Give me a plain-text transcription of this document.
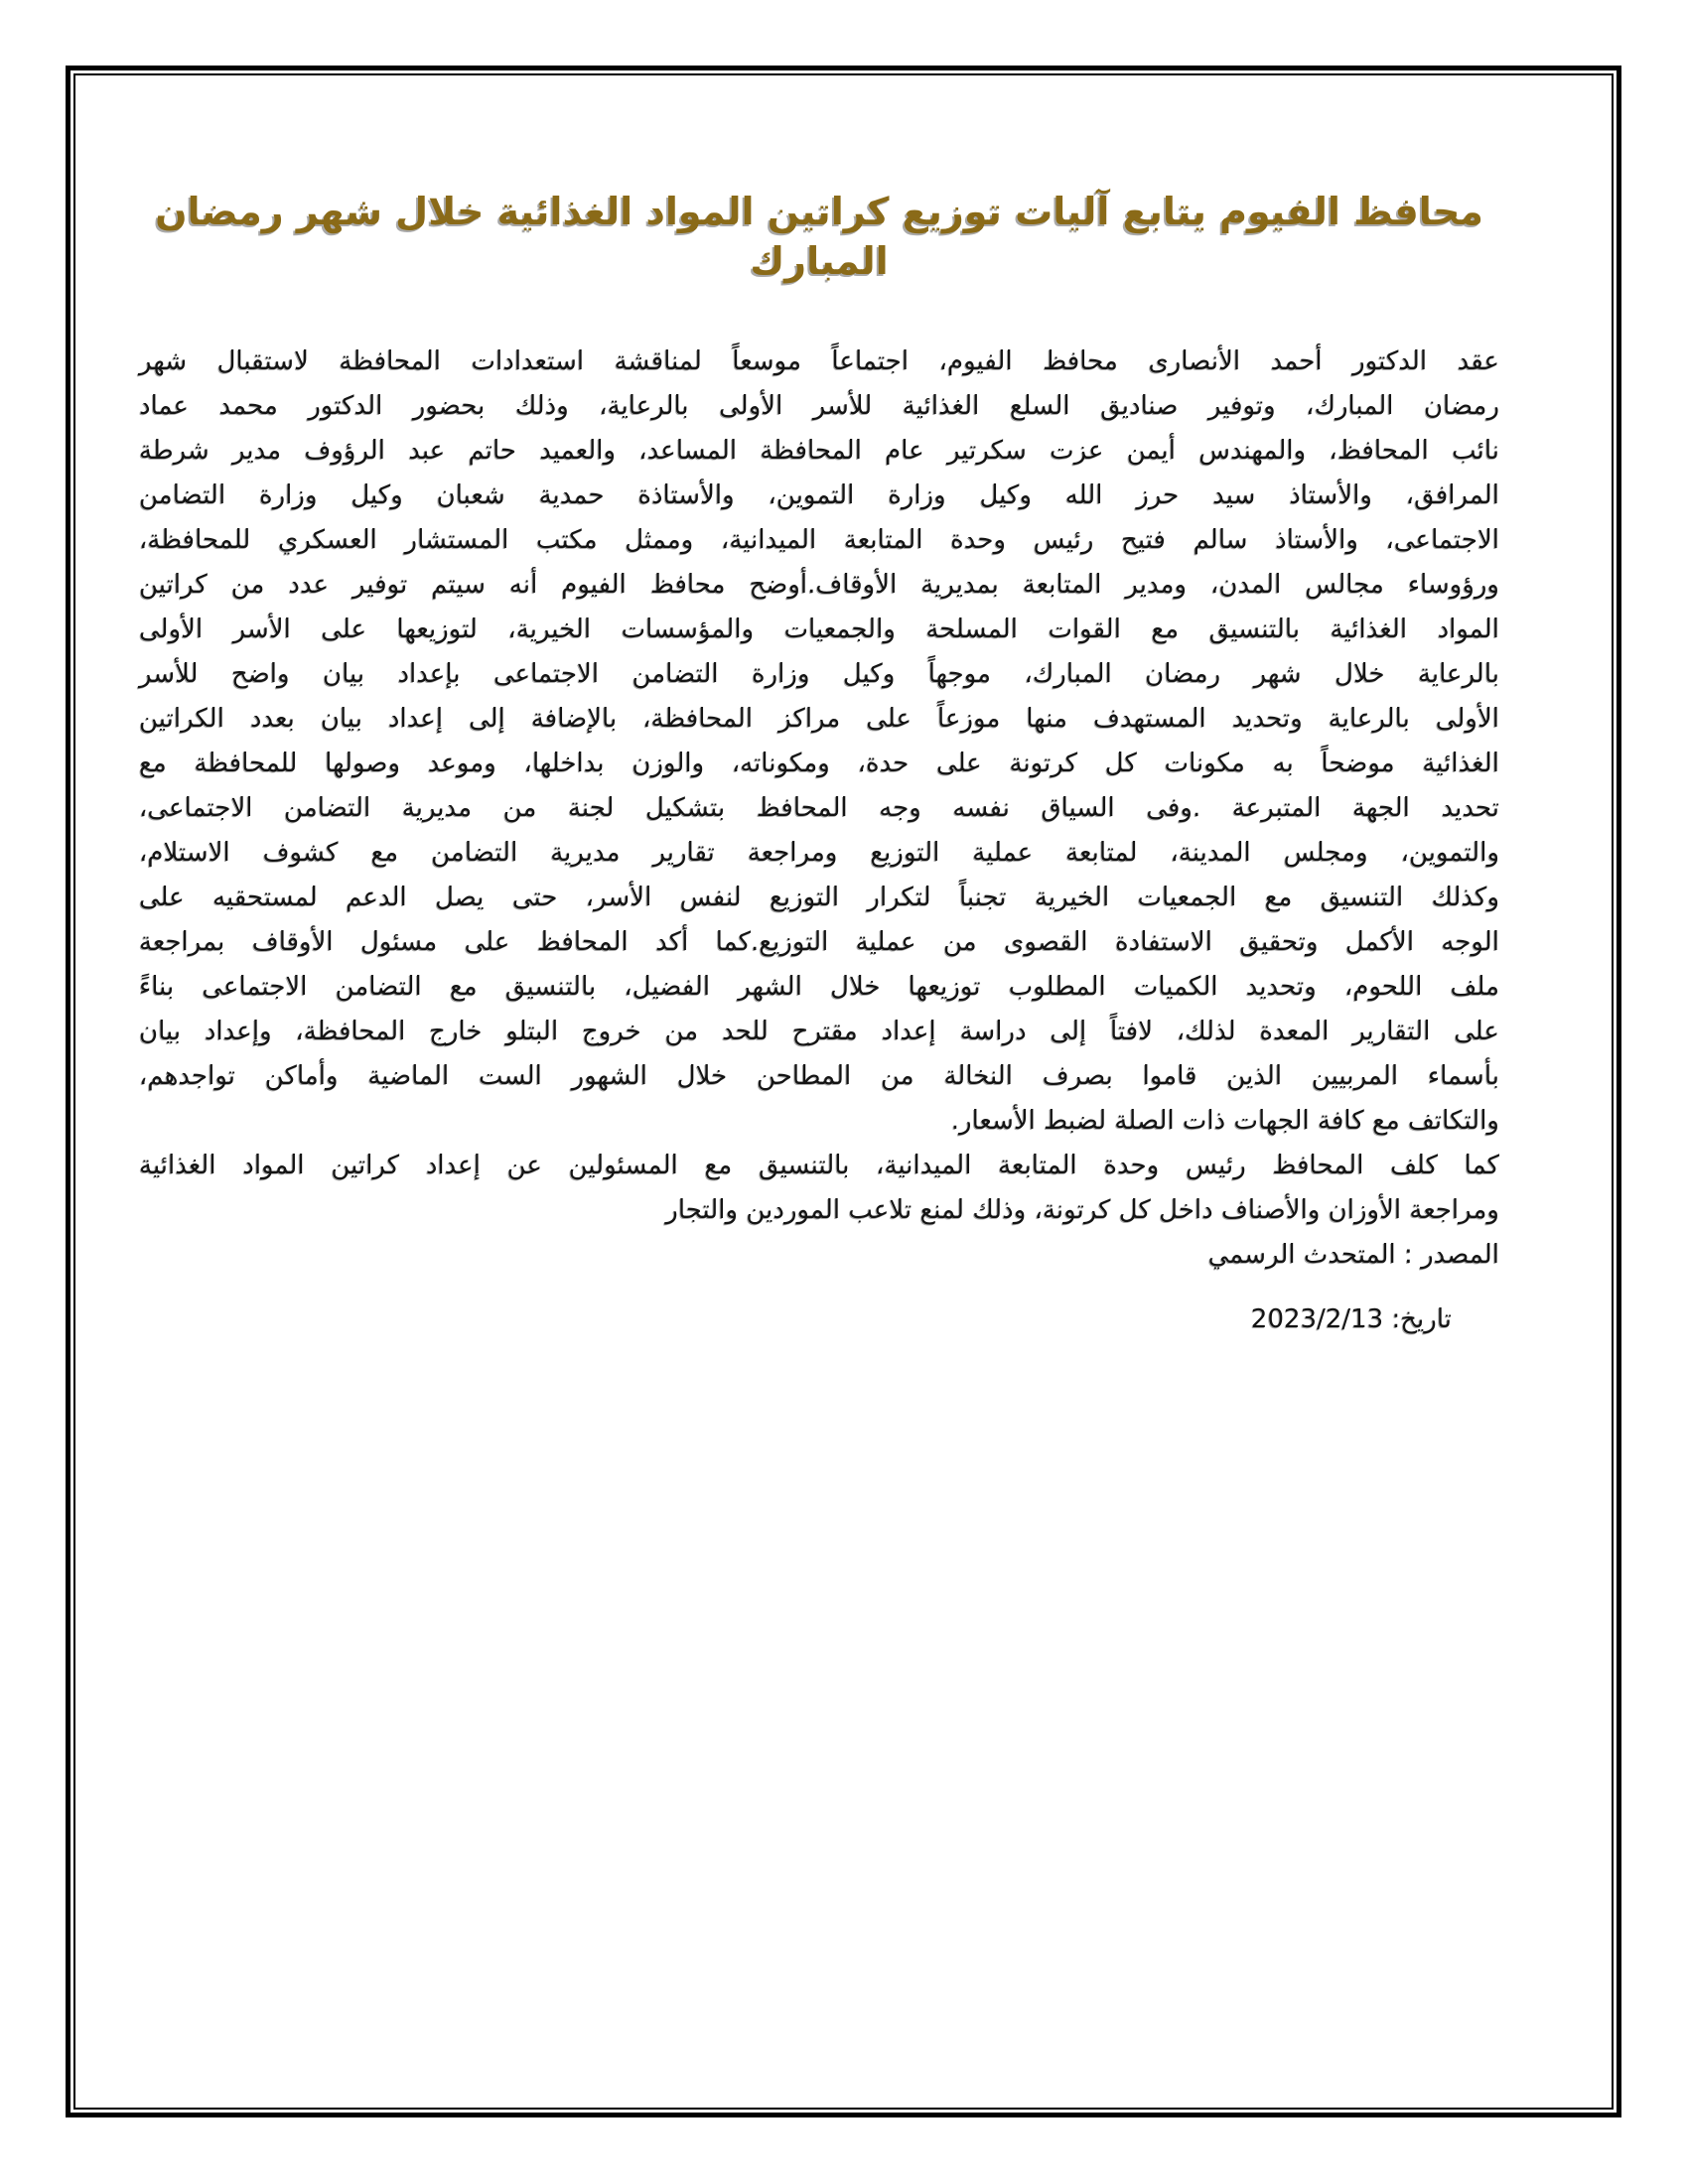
محافظ الفيوم يتابع آليات توزيع كراتين المواد الغذائية خلال شهر رمضان
المبارك
عقد الدكتور أحمد الأنصارى محافظ الفيوم، اجتماعاً موسعاً لمناقشة استعدادات المحافظة لاستقبال شهر
رمضان المبارك، وتوفير صناديق السلع الغذائية للأسر الأولى بالرعاية، وذلك بحضور الدكتور محمد عماد
نائب المحافظ، والمهندس أيمن عزت سكرتير عام المحافظة المساعد، والعميد حاتم عبد الرؤوف مدير شرطة
المرافق، والأستاذ سيد حرز الله وكيل وزارة التموين، والأستاذة حمدية شعبان وكيل وزارة التضامن
الاجتماعى، والأستاذ سالم فتيح رئيس وحدة المتابعة الميدانية، وممثل مكتب المستشار العسكري للمحافظة،
ورؤوساء مجالس المدن، ومدير المتابعة بمديرية الأوقاف.أوضح محافظ الفيوم أنه سيتم توفير عدد من كراتين
المواد الغذائية بالتنسيق مع القوات المسلحة والجمعيات والمؤسسات الخيرية، لتوزيعها على الأسر الأولى
بالرعاية خلال شهر رمضان المبارك، موجهاً وكيل وزارة التضامن الاجتماعى بإعداد بيان واضح للأسر
الأولى بالرعاية وتحديد المستهدف منها موزعاً على مراكز المحافظة، بالإضافة إلى إعداد بيان بعدد الكراتين
الغذائية موضحاً به مكونات كل كرتونة على حدة، ومكوناته، والوزن بداخلها، وموعد وصولها للمحافظة مع
تحديد الجهة المتبرعة .وفى السياق نفسه وجه المحافظ بتشكيل لجنة من مديرية التضامن الاجتماعى،
والتموين، ومجلس المدينة، لمتابعة عملية التوزيع ومراجعة تقارير مديرية التضامن مع كشوف الاستلام،
وكذلك التنسيق مع الجمعيات الخيرية تجنباً لتكرار التوزيع لنفس الأسر، حتى يصل الدعم لمستحقيه على
الوجه الأكمل وتحقيق الاستفادة القصوى من عملية التوزيع.كما أكد المحافظ على مسئول الأوقاف بمراجعة
ملف اللحوم، وتحديد الكميات المطلوب توزيعها خلال الشهر الفضيل، بالتنسيق مع التضامن الاجتماعى بناءً
على التقارير المعدة لذلك، لافتاً إلى دراسة إعداد مقترح للحد من خروج البتلو خارج المحافظة، وإعداد بيان
بأسماء المربيين الذين قاموا بصرف النخالة من المطاحن خلال الشهور الست الماضية وأماكن تواجدهم،
والتكاتف مع كافة الجهات ذات الصلة لضبط الأسعار.
كما كلف المحافظ رئيس وحدة المتابعة الميدانية، بالتنسيق مع المسئولين عن إعداد كراتين المواد الغذائية
ومراجعة الأوزان والأصناف داخل كل كرتونة، وذلك لمنع تلاعب الموردين والتجار
المصدر : المتحدث الرسمي
تاريخ: 2023/2/13
